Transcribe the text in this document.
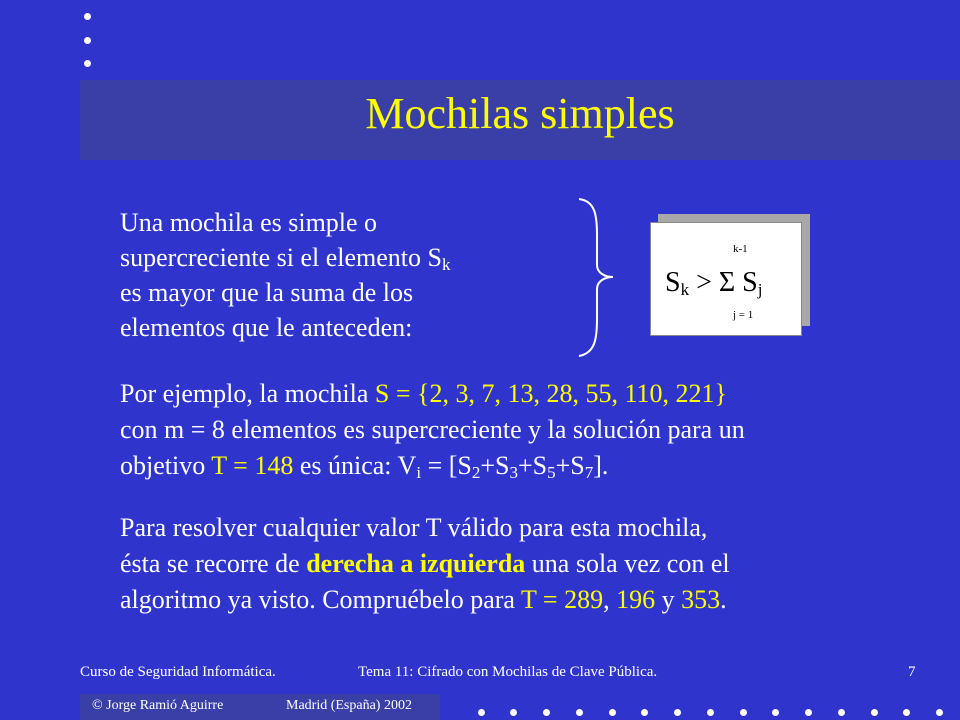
Mochilas simples
Una mochila es simple o
supercreciente si el elemento $S_k$
es mayor que la suma de los
elementos que le anteceden:
k-1
$S_k > \Sigma$ $S_j$
j = 1
Por ejemplo, la mochila S = {2, 3, 7, 13, 28, 55, 110, 221}
con m = 8 elementos es supercreciente y la solución para un
objetivo T = 148 es única: $V_i = [S_2+S_3+S_5+S_7]$.
Para resolver cualquier valor T válido para esta mochila,
ésta se recorre de derecha a izquierda una sola vez con el
algoritmo ya visto. Compruébelo para T = 289, 196 y 353.
Curso de Seguridad Informática.	Tema 11: Cifrado con Mochilas de Clave Pública.	7
© Jorge Ramió Aguirre	Madrid (España) 2002
